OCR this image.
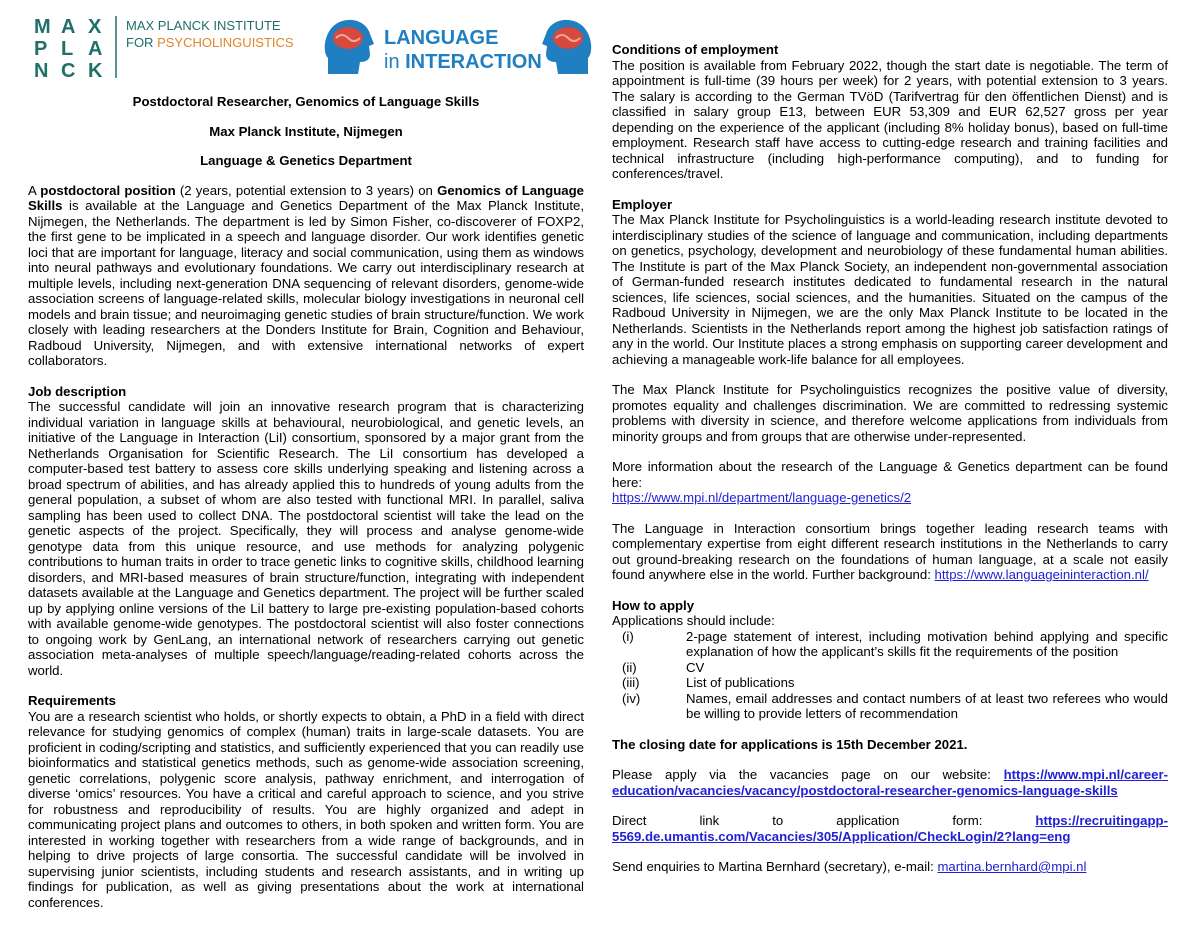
M A X
P L A
N C K
MAX PLANCK INSTITUTE
FOR PSYCHOLINGUISTICS	LANGUAGE
in INTERACTION
Postdoctoral Researcher, Genomics of Language Skills
Max Planck Institute, Nijmegen
Language & Genetics Department

A postdoctoral position (2 years, potential extension to 3 years) on Genomics of Language Skills is available at the Language and Genetics Department of the Max Planck Institute, Nijmegen, the Netherlands. The department is led by Simon Fisher, co-discoverer of FOXP2, the first gene to be implicated in a speech and language disorder. Our work identifies genetic loci that are important for language, literacy and social communication, using them as windows into neural pathways and evolutionary foundations. We carry out interdisciplinary research at multiple levels, including next-generation DNA sequencing of relevant disorders, genome-wide association screens of language-related skills, molecular biology investigations in neuronal cell models and brain tissue; and neuroimaging genetic studies of brain structure/function. We work closely with leading researchers at the Donders Institute for Brain, Cognition and Behaviour, Radboud University, Nijmegen, and with extensive international networks of expert collaborators.

Job description
The successful candidate will join an innovative research program that is characterizing individual variation in language skills at behavioural, neurobiological, and genetic levels, an initiative of the Language in Interaction (LiI) consortium, sponsored by a major grant from the Netherlands Organisation for Scientific Research. The LiI consortium has developed a computer-based test battery to assess core skills underlying speaking and listening across a broad spectrum of abilities, and has already applied this to hundreds of young adults from the general population, a subset of whom are also tested with functional MRI. In parallel, saliva sampling has been used to collect DNA. The postdoctoral scientist will take the lead on the genetic aspects of the project. Specifically, they will process and analyse genome-wide genotype data from this unique resource, and use methods for analyzing polygenic contributions to human traits in order to trace genetic links to cognitive skills, childhood learning disorders, and MRI-based measures of brain structure/function, integrating with independent datasets available at the Language and Genetics department. The project will be further scaled up by applying online versions of the LiI battery to large pre-existing population-based cohorts with available genome-wide genotypes. The postdoctoral scientist will also foster connections to ongoing work by GenLang, an international network of researchers carrying out genetic association meta-analyses of multiple speech/language/reading-related cohorts across the world.

Requirements
You are a research scientist who holds, or shortly expects to obtain, a PhD in a field with direct relevance for studying genomics of complex (human) traits in large-scale datasets. You are proficient in coding/scripting and statistics, and sufficiently experienced that you can readily use bioinformatics and statistical genetics methods, such as genome-wide association screening, genetic correlations, polygenic score analysis, pathway enrichment, and interrogation of diverse ‘omics’ resources. You have a critical and careful approach to science, and you strive for robustness and reproducibility of results. You are highly organized and adept in communicating project plans and outcomes to others, in both spoken and written form. You are interested in working together with researchers from a wide range of backgrounds, and in helping to drive projects of large consortia. The successful candidate will be involved in supervising junior scientists, including students and research assistants, and in writing up findings for publication, as well as giving presentations about the work at international conferences.

Conditions of employment
The position is available from February 2022, though the start date is negotiable. The term of appointment is full-time (39 hours per week) for 2 years, with potential extension to 3 years. The salary is according to the German TVöD (Tarifvertrag für den öffentlichen Dienst) and is classified in salary group E13, between EUR 53,309 and EUR 62,527 gross per year depending on the experience of the applicant (including 8% holiday bonus), based on full-time employment. Research staff have access to cutting-edge research and training facilities and technical infrastructure (including high-performance computing), and to funding for conferences/travel.

Employer
The Max Planck Institute for Psycholinguistics is a world-leading research institute devoted to interdisciplinary studies of the science of language and communication, including departments on genetics, psychology, development and neurobiology of these fundamental human abilities. The Institute is part of the Max Planck Society, an independent non-governmental association of German-funded research institutes dedicated to fundamental research in the natural sciences, life sciences, social sciences, and the humanities. Situated on the campus of the Radboud University in Nijmegen, we are the only Max Planck Institute to be located in the Netherlands. Scientists in the Netherlands report among the highest job satisfaction ratings of any in the world. Our Institute places a strong emphasis on supporting career development and achieving a manageable work-life balance for all employees.

The Max Planck Institute for Psycholinguistics recognizes the positive value of diversity, promotes equality and challenges discrimination. We are committed to redressing systemic problems with diversity in science, and therefore welcome applications from individuals from minority groups and from groups that are otherwise under-represented.

More information about the research of the Language & Genetics department can be found here:
https://www.mpi.nl/department/language-genetics/2

The Language in Interaction consortium brings together leading research teams with complementary expertise from eight different research institutions in the Netherlands to carry out ground-breaking research on the foundations of human language, at a scale not easily found anywhere else in the world. Further background: https://www.languageininteraction.nl/

How to apply
Applications should include:
(i)	2-page statement of interest, including motivation behind applying and specific explanation of how the applicant’s skills fit the requirements of the position
(ii)	CV
(iii)	List of publications
(iv)	Names, email addresses and contact numbers of at least two referees who would be willing to provide letters of recommendation

The closing date for applications is 15th December 2021.

Please apply via the vacancies page on our website: https://www.mpi.nl/career-education/vacancies/vacancy/postdoctoral-researcher-genomics-language-skills

Direct link to application form: https://recruitingapp-5569.de.umantis.com/Vacancies/305/Application/CheckLogin/2?lang=eng

Send enquiries to Martina Bernhard (secretary), e-mail: martina.bernhard@mpi.nl
